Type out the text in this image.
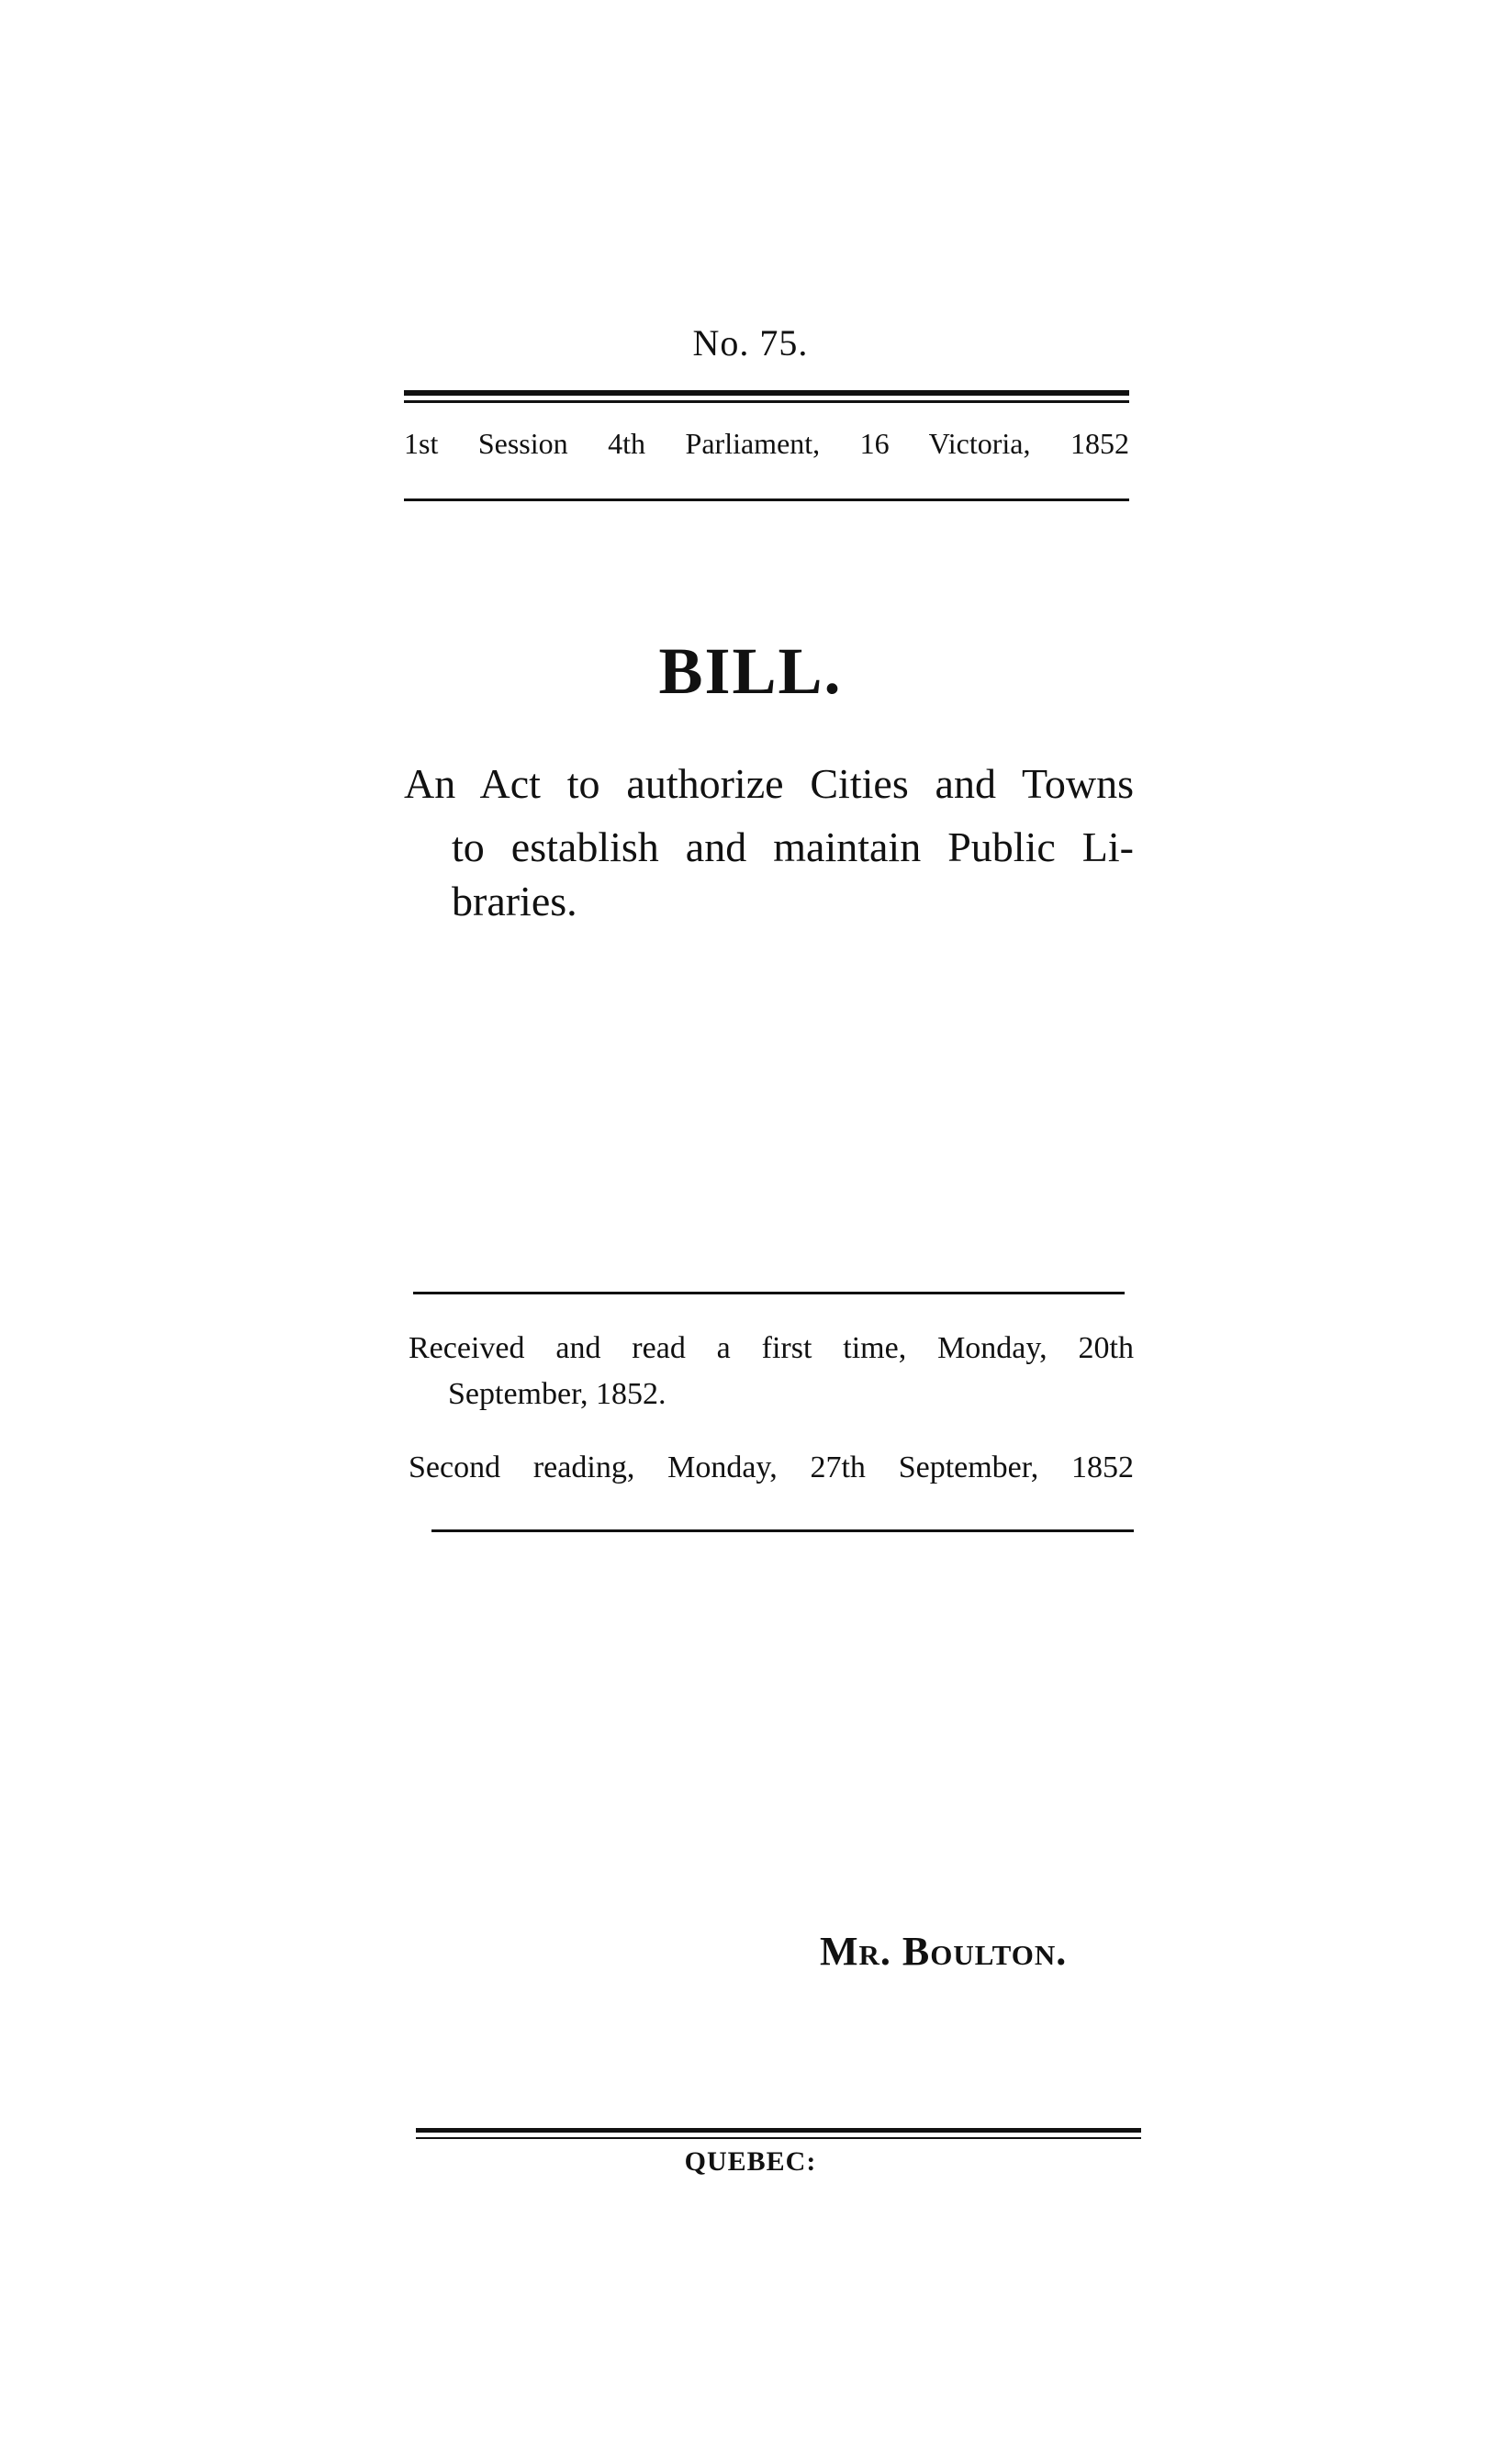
No. 75.
1st Session 4th Parliament, 16 Victoria, 1852
BILL.
An Act to authorize Cities and Towns
to establish and maintain Public Li-
braries.
Received and read a first time, Monday, 20th
September, 1852.
Second reading, Monday, 27th September, 1852
Mr. Boulton.
QUEBEC:
